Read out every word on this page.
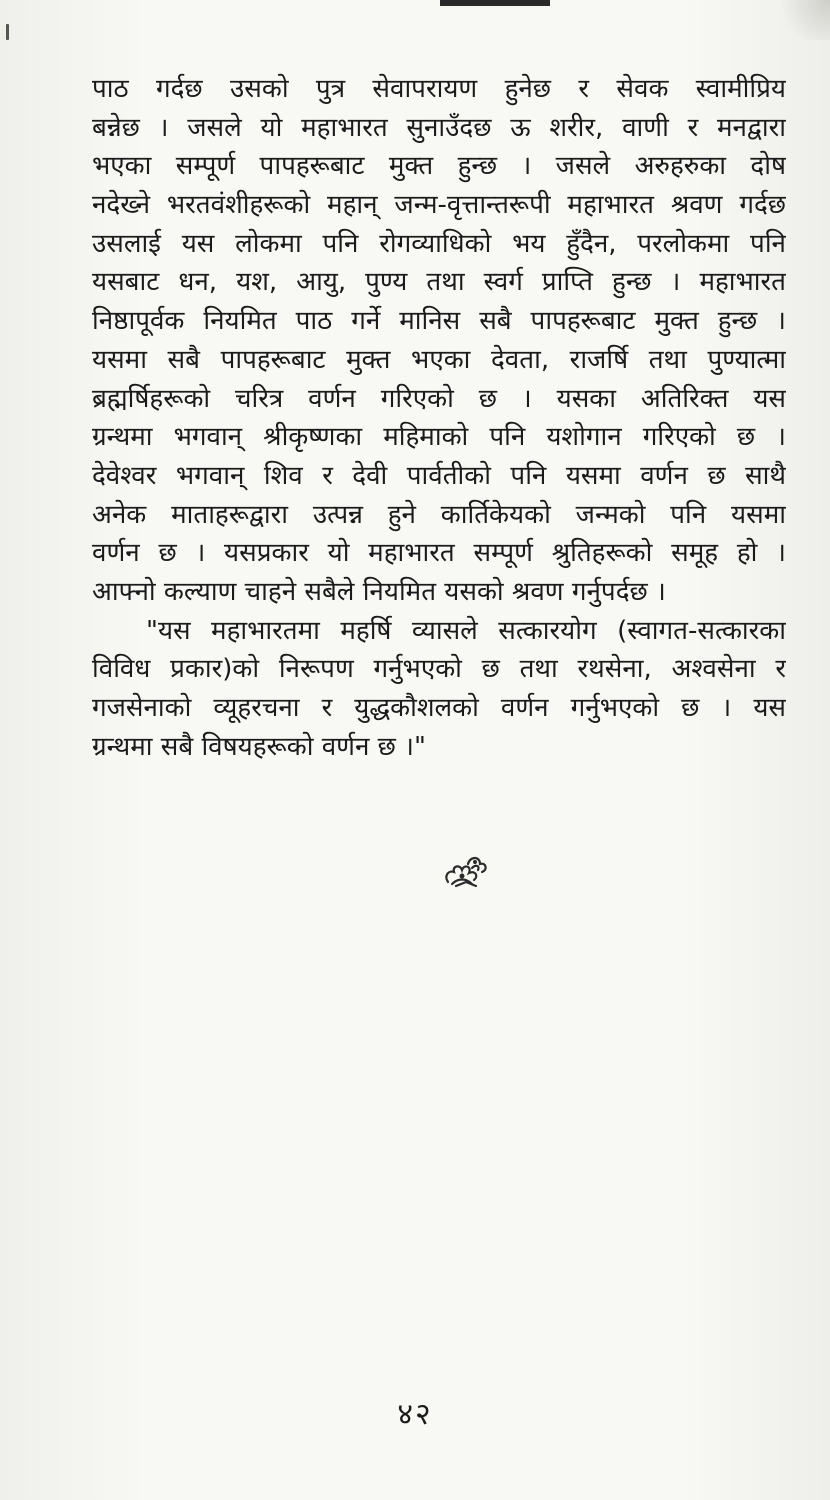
पाठ गर्दछ उसको पुत्र सेवापरायण हुनेछ र सेवक स्वामीप्रिय
बन्नेछ । जसले यो महाभारत सुनाउँदछ ऊ शरीर, वाणी र मनद्वारा
भएका सम्पूर्ण पापहरूबाट मुक्त हुन्छ । जसले अरुहरुका दोष
नदेख्ने भरतवंशीहरूको महान् जन्म-वृत्तान्तरूपी महाभारत श्रवण गर्दछ
उसलाई यस लोकमा पनि रोगव्याधिको भय हुँदैन, परलोकमा पनि
यसबाट धन, यश, आयु, पुण्य तथा स्वर्ग प्राप्ति हुन्छ । महाभारत
निष्ठापूर्वक नियमित पाठ गर्ने मानिस सबै पापहरूबाट मुक्त हुन्छ ।
यसमा सबै पापहरूबाट मुक्त भएका देवता, राजर्षि तथा पुण्यात्मा
ब्रह्मर्षिहरूको चरित्र वर्णन गरिएको छ । यसका अतिरिक्त यस
ग्रन्थमा भगवान् श्रीकृष्णका महिमाको पनि यशोगान गरिएको छ ।
देवेश्वर भगवान् शिव र देवी पार्वतीको पनि यसमा वर्णन छ साथै
अनेक माताहरूद्वारा उत्पन्न हुने कार्तिकेयको जन्मको पनि यसमा
वर्णन छ । यसप्रकार यो महाभारत सम्पूर्ण श्रुतिहरूको समूह हो ।
आफ्नो कल्याण चाहने सबैले नियमित यसको श्रवण गर्नुपर्दछ ।
"यस महाभारतमा महर्षि व्यासले सत्कारयोग (स्वागत-सत्कारका
विविध प्रकार)को निरूपण गर्नुभएको छ तथा रथसेना, अश्वसेना र
गजसेनाको व्यूहरचना र युद्धकौशलको वर्णन गर्नुभएको छ । यस
ग्रन्थमा सबै विषयहरूको वर्णन छ ।"
४२
